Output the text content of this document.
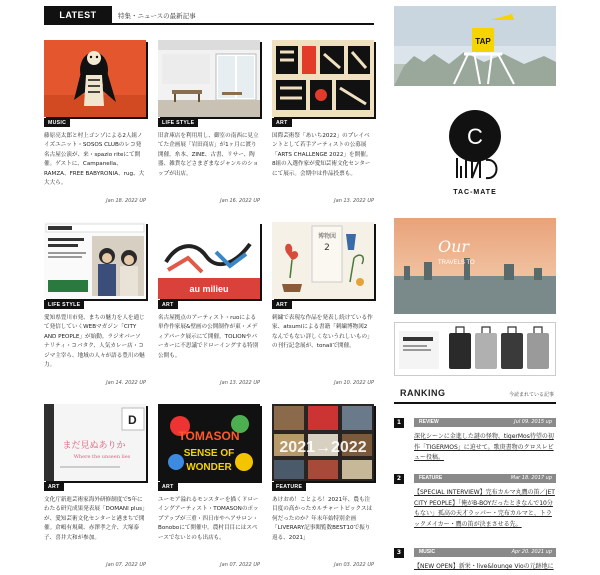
LATEST	特集・ニュースの最新記事
MUSIC
藤原亮太郎と村上ゴンゾによる2人組ノイズユニット・SOSOS CLUBのレコ発名古屋公演が、来・spazio riteにて開催。ゲストに、Campanella、RAMZA、FREE BABYRONIA、rug、大大大ら。
Jan 18. 2022 UP
LIFE STYLE
旧倉庫店を利用用し、御室の南西に見立てた企画展「岩田商店」が1ヶ月に渡り開催。糸本、ZINE、古書、リサー、陶器、雑貨などさまざまなジャンルのショップが出店。
Jan 16. 2022 UP
ART
国際芸術祭「あいち2022」のプレイベントとして若手アーティストの公募展「ARTS CHALLENGE 2022」を開催。8組の入選作家が愛知芸術文化センターにて展示。会期中は作品投票も。
Jan 13. 2022 UP
LIFE STYLE
愛知県豊川市発、まちの魅力を人を通じて発信していくWEBマガジン「CITY AND PEOPLE」が始動。ラジオパーソナリティ・コバタク、人気カレー店・コジマ主宰ら、地域の人々が語る豊川の魅力。
Jan 14. 2022 UP
au milieu
ART
名古屋拠点のアーティスト・ruoによる単作作家展&壁画の公開制作が東・メディアパーク展示にて開催。TOLIONやパーカーに不思議でドローイングする特別公開も。
Jan 13. 2022 UP
博物図
2
ART
刺繍で表現な作品を発表し続けている作家、atsumiによる書籍「刺繍博物図2 なんでもない詳しくないうれしいもの」の刊行記念展が、tonaliで開催。
Jan 10. 2022 UP
D
まだ見ぬありか
Where the unseen lies
ART
文化庁新進芸術家海外研修制度で5年にわたる研究成果発表展「DOMANI plus」が、愛知芸術文化センターと港まちで開催。倉嶋有規蔵、赤澤孝之介、大塚泰子、喜井大和が参加。
Jan 07. 2022 UP
TOMASON
SENSE OF
WONDER
ART
ユーモア溢れるモンスターを描くドローイングアーティスト・TOMASONのポップアップが三重・四日市やヘアサロン・Bonoboにて開催中。農村目目にはスペースでないとのも出店も。
Jan 07. 2022 UP
2021→2022
FEATURE
あけおめ！ことよろ！2021年、農も注目度の高かったカルチャートピックスは何だったのか？年末年始特別企画「LIVERARY記事閲覧数BEST10で振り返る、2021」
Jan 03. 2022 UP
TAP
C
TAC-MATE
Our
TRAVELS TO
RANKING	今読まれている記事
1	REVIEW	Jul 09. 2015 up
深化シーンに金進した謎の怪物、tigerMos待望の初作「TIGERMOS」に迫せて。歌庚書物のクロスレビュー投稿。
2	FEATURE	Mar 18. 2017 up
【SPECIAL INTERVIEW】完布カルマ丸鷹の笛／JET CITY PEOPLE】「俺がB-BOYだったときなんで10分もない」孤高の天才ラッパー・完布カルマと、トラックメイカー・鷹の笛が決まさせる先。
3	MUSIC	Apr 20. 2021 up
【NEW OPEN】新栄・live&lounge Vioの元跡地に
